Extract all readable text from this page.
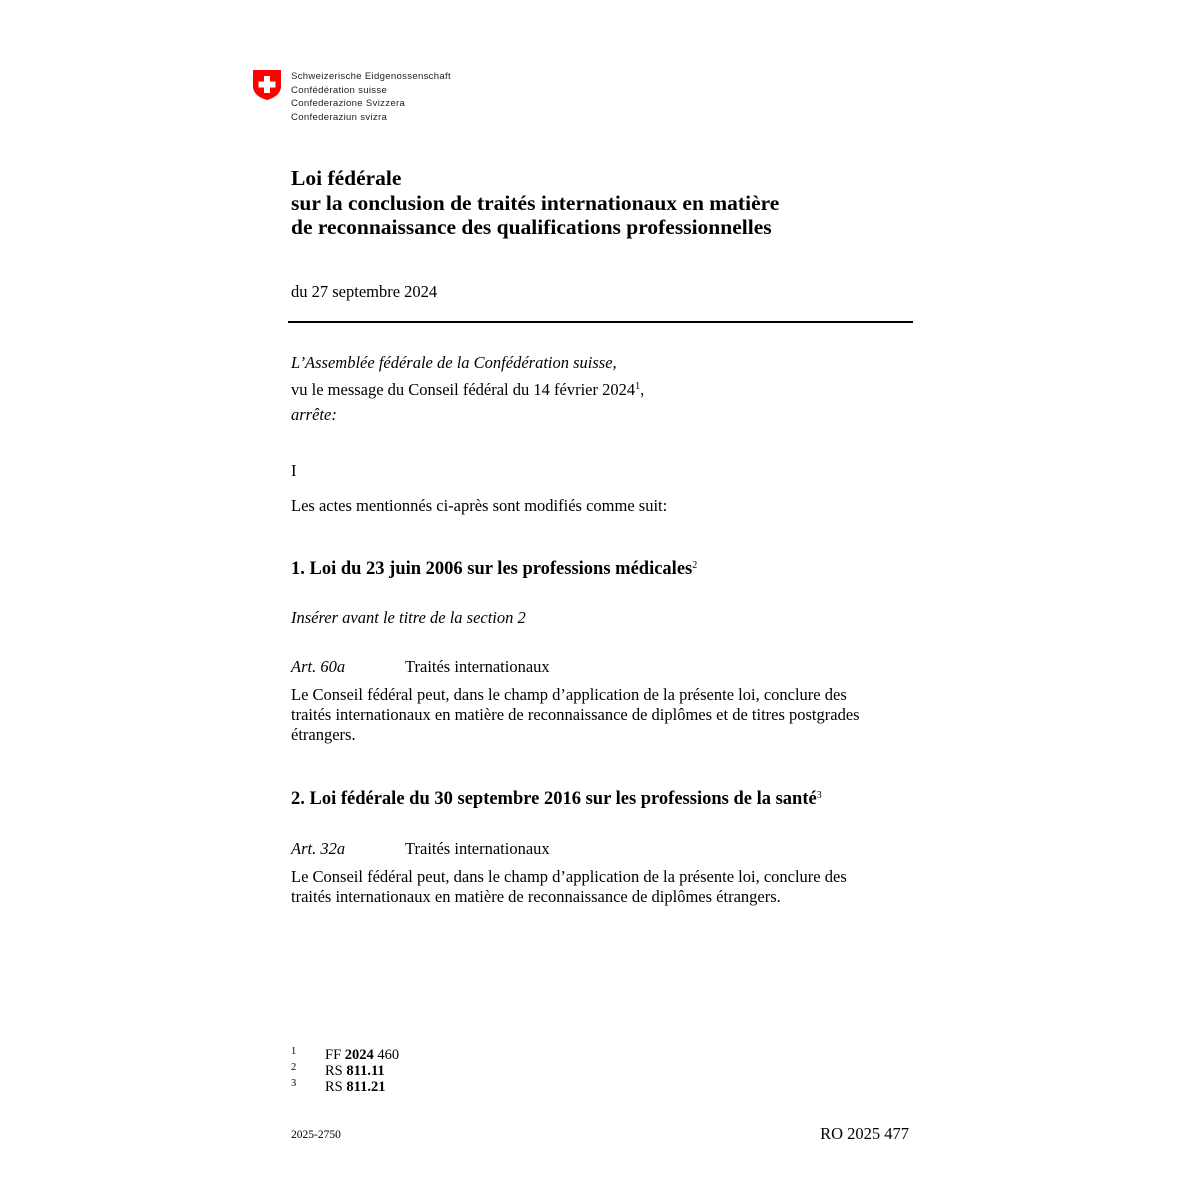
Schweizerische Eidgenossenschaft
Confédération suisse
Confederazione Svizzera
Confederaziun svizra
Loi fédérale
sur la conclusion de traités internationaux en matière
de reconnaissance des qualifications professionnelles
du 27 septembre 2024
L’Assemblée fédérale de la Confédération suisse,
vu le message du Conseil fédéral du 14 février 2024$^1$,
arrête:
I
Les actes mentionnés ci-après sont modifiés comme suit:
1. Loi du 23 juin 2006 sur les professions médicales$^2$
Insérer avant le titre de la section 2
Art. 60a	Traités internationaux
Le Conseil fédéral peut, dans le champ d’application de la présente loi, conclure des
traités internationaux en matière de reconnaissance de diplômes et de titres postgrades
étrangers.
2. Loi fédérale du 30 septembre 2016 sur les professions de la santé$^3$
Art. 32a	Traités internationaux
Le Conseil fédéral peut, dans le champ d’application de la présente loi, conclure des
traités internationaux en matière de reconnaissance de diplômes étrangers.
1	FF 2024 460
2	RS 811.11
3	RS 811.21
2025-2750	RO 2025 477
